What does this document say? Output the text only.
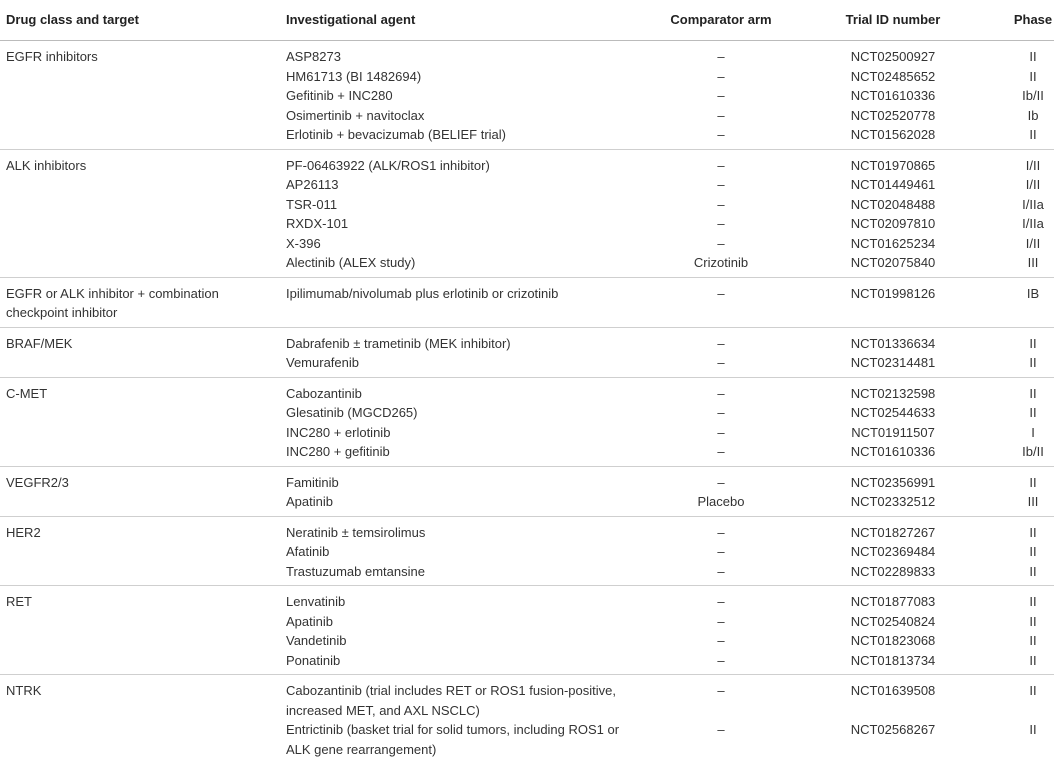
Drug class and target	Investigational agent	Comparator arm	Trial ID number	Phase
EGFR inhibitors	ASP8273	–	NCT02500927	II
	HM61713 (BI 1482694)	–	NCT02485652	II
	Gefitinib + INC280	–	NCT01610336	Ib/II
	Osimertinib + navitoclax	–	NCT02520778	Ib
	Erlotinib + bevacizumab (BELIEF trial)	–	NCT01562028	II
ALK inhibitors	PF-06463922 (ALK/ROS1 inhibitor)	–	NCT01970865	I/II
	AP26113	–	NCT01449461	I/II
	TSR-011	–	NCT02048488	I/IIa
	RXDX-101	–	NCT02097810	I/IIa
	X-396	–	NCT01625234	I/II
	Alectinib (ALEX study)	Crizotinib	NCT02075840	III
EGFR or ALK inhibitor + combination checkpoint inhibitor	Ipilimumab/nivolumab plus erlotinib or crizotinib	–	NCT01998126	IB
BRAF/MEK	Dabrafenib ± trametinib (MEK inhibitor)	–	NCT01336634	II
	Vemurafenib	–	NCT02314481	II
C-MET	Cabozantinib	–	NCT02132598	II
	Glesatinib (MGCD265)	–	NCT02544633	II
	INC280 + erlotinib	–	NCT01911507	I
	INC280 + gefitinib	–	NCT01610336	Ib/II
VEGFR2/3	Famitinib	–	NCT02356991	II
	Apatinib	Placebo	NCT02332512	III
HER2	Neratinib ± temsirolimus	–	NCT01827267	II
	Afatinib	–	NCT02369484	II
	Trastuzumab emtansine	–	NCT02289833	II
RET	Lenvatinib	–	NCT01877083	II
	Apatinib	–	NCT02540824	II
	Vandetinib	–	NCT01823068	II
	Ponatinib	–	NCT01813734	II
NTRK	Cabozantinib (trial includes RET or ROS1 fusion-positive, increased MET, and AXL NSCLC)	–	NCT01639508	II
	Entrictinib (basket trial for solid tumors, including ROS1 or ALK gene rearrangement)	–	NCT02568267	II
